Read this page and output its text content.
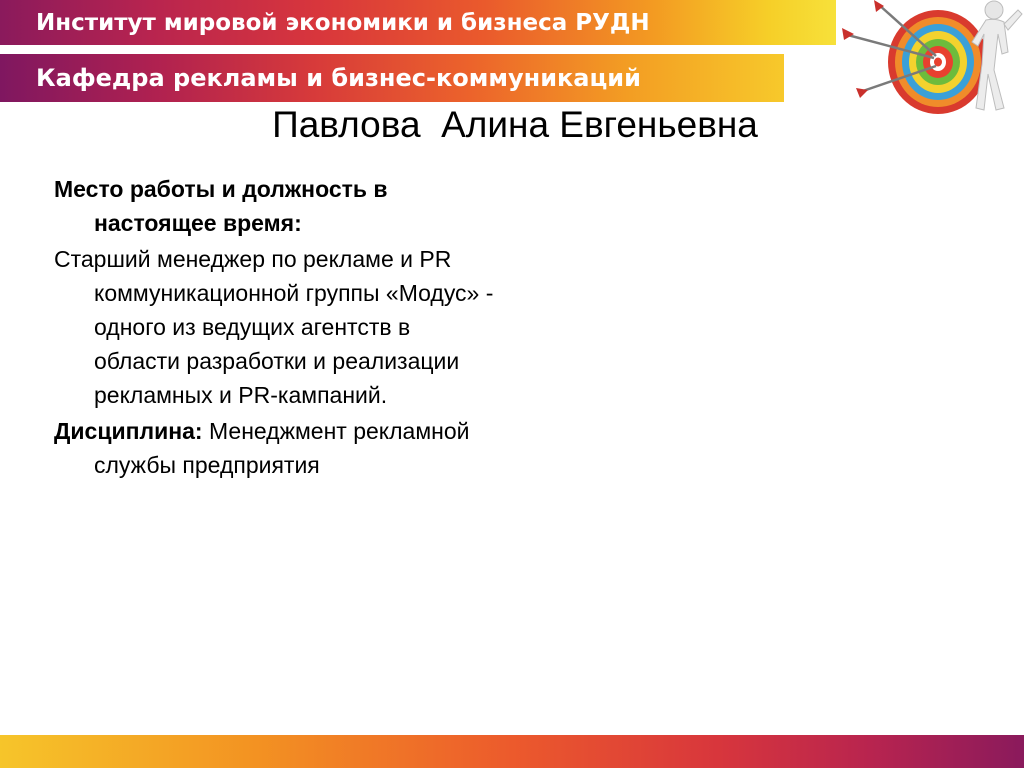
Институт мировой экономики и бизнеса РУДН
Кафедра рекламы и бизнес-коммуникаций
Павлова  Алина Евгеньевна
Место работы и должность в настоящее время:
Старший менеджер по рекламе и PR коммуникационной группы «Модус» - одного из ведущих агентств в области разработки и реализации рекламных и PR-кампаний.
Дисциплина: Менеджмент рекламной службы предприятия
